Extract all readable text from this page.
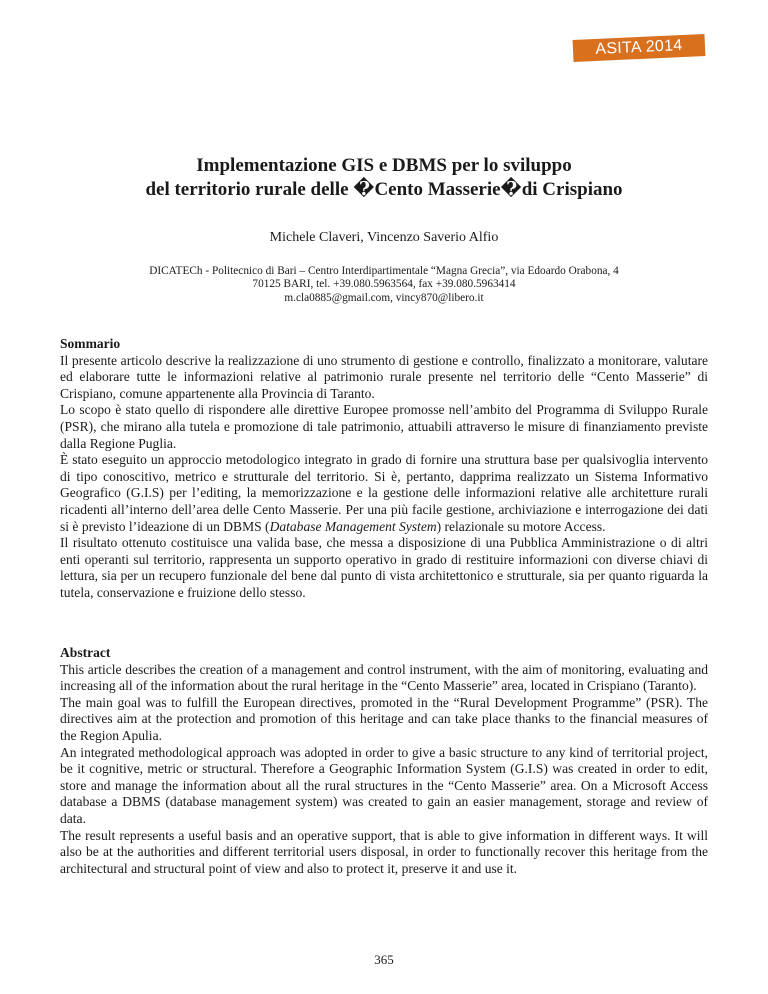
ASITA 2014
Implementazione GIS e DBMS per lo sviluppo
del territorio rurale delle �Cento Masserie�di Crispiano
Michele Claveri, Vincenzo Saverio Alfio
DICATECh - Politecnico di Bari – Centro Interdipartimentale “Magna Grecia”, via Edoardo Orabona, 4
70125 BARI, tel. +39.080.5963564, fax +39.080.5963414
m.cla0885@gmail.com, vincy870@libero.it
Sommario

Il presente articolo descrive la realizzazione di uno strumento di gestione e controllo, finalizzato a monitorare, valutare ed elaborare tutte le informazioni relative al patrimonio rurale presente nel territorio delle “Cento Masserie” di Crispiano, comune appartenente alla Provincia di Taranto.

Lo scopo è stato quello di rispondere alle direttive Europee promosse nell’ambito del Programma di Sviluppo Rurale (PSR), che mirano alla tutela e promozione di tale patrimonio, attuabili attraverso le misure di finanziamento previste dalla Regione Puglia.

È stato eseguito un approccio metodologico integrato in grado di fornire una struttura base per qualsivoglia intervento di tipo conoscitivo, metrico e strutturale del territorio. Si è, pertanto, dapprima realizzato un Sistema Informativo Geografico (G.I.S) per l’editing, la memorizzazione e la gestione delle informazioni relative alle architetture rurali ricadenti all’interno dell’area delle Cento Masserie. Per una più facile gestione, archiviazione e interrogazione dei dati si è previsto l’ideazione di un DBMS (Database Management System) relazionale su motore Access.

Il risultato ottenuto costituisce una valida base, che messa a disposizione di una Pubblica Amministrazione o di altri enti operanti sul territorio, rappresenta un supporto operativo in grado di restituire informazioni con diverse chiavi di lettura, sia per un recupero funzionale del bene dal punto di vista architettonico e strutturale, sia per quanto riguarda la tutela, conservazione e fruizione dello stesso.

Abstract

This article describes the creation of a management and control instrument, with the aim of monitoring, evaluating and increasing all of the information about the rural heritage in the “Cento Masserie” area, located in Crispiano (Taranto).

The main goal was to fulfill the European directives, promoted in the “Rural Development Programme” (PSR). The directives aim at the protection and promotion of this heritage and can take place thanks to the financial measures of the Region Apulia.

An integrated methodological approach was adopted in order to give a basic structure to any kind of territorial project, be it cognitive, metric or structural. Therefore a Geographic Information System (G.I.S) was created in order to edit, store and manage the information about all the rural structures in the “Cento Masserie” area. On a Microsoft Access database a DBMS (database management system) was created to gain an easier management, storage and review of data.

The result represents a useful basis and an operative support, that is able to give information in different ways. It will also be at the authorities and different territorial users disposal, in order to functionally recover this heritage from the architectural and structural point of view and also to protect it, preserve it and use it.

365
